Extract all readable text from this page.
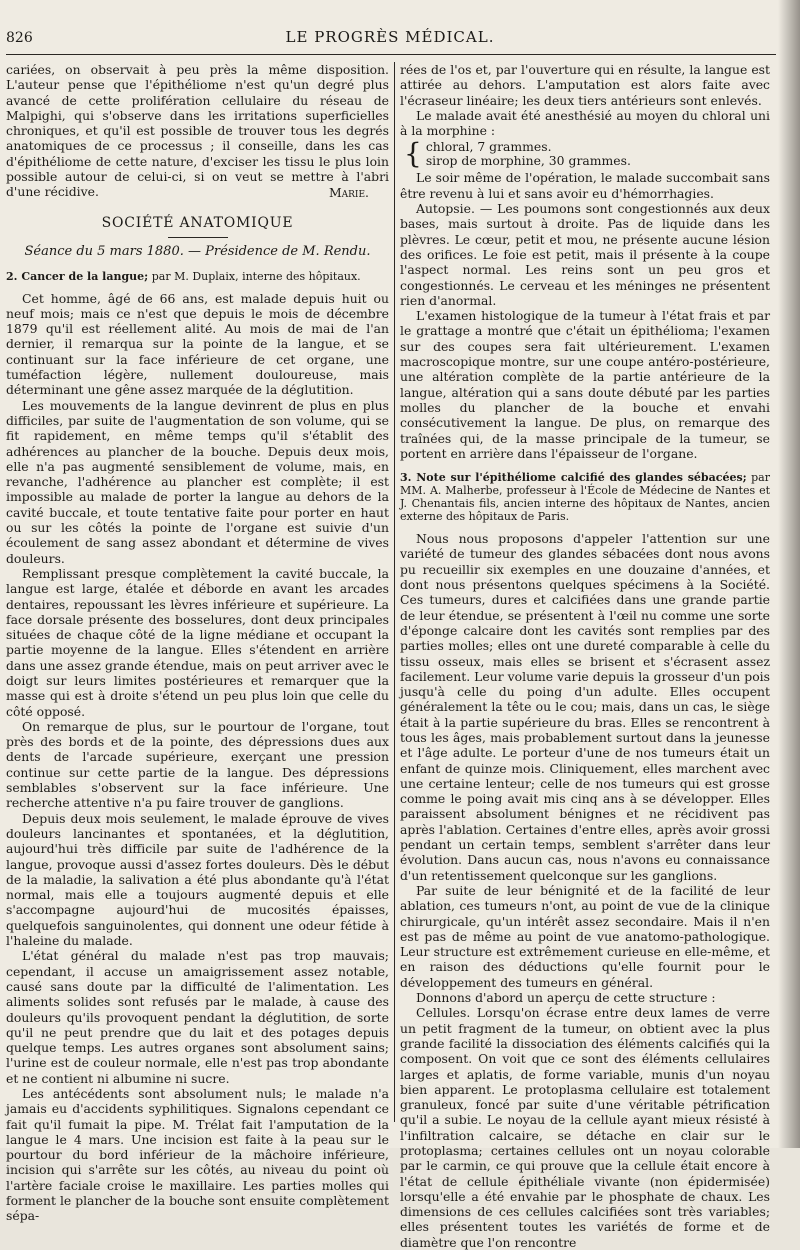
826	LE PROGRÈS MÉDICAL.

cariées, on observait à peu près la même disposition. L'auteur pense que l'épithéliome n'est qu'un degré plus avancé de cette prolifération cellulaire du réseau de Malpighi, qui s'observe dans les irritations superficielles chroniques, et qu'il est possible de trouver tous les degrés anatomiques de ce processus ; il conseille, dans les cas d'épithéliome de cette nature, d'exciser les tissu le plus loin possible autour de celui-ci, si on veut se mettre à l'abri d'une récidive.	Marie.
SOCIÉTÉ ANATOMIQUE
Séance du 5 mars 1880. — Présidence de M. Rendu.

2. Cancer de la langue; par M. Duplaix, interne des hôpitaux.

Cet homme, âgé de 66 ans, est malade depuis huit ou neuf mois; mais ce n'est que depuis le mois de décembre 1879 qu'il est réellement alité. Au mois de mai de l'an dernier, il remarqua sur la pointe de la langue, et se continuant sur la face inférieure de cet organe, une tuméfaction légère, nullement douloureuse, mais déterminant une gêne assez marquée de la déglutition.

Les mouvements de la langue devinrent de plus en plus difficiles, par suite de l'augmentation de son volume, qui se fit rapidement, en même temps qu'il s'établit des adhérences au plancher de la bouche. Depuis deux mois, elle n'a pas augmenté sensiblement de volume, mais, en revanche, l'adhérence au plancher est complète; il est impossible au malade de porter la langue au dehors de la cavité buccale, et toute tentative faite pour porter en haut ou sur les côtés la pointe de l'organe est suivie d'un écoulement de sang assez abondant et détermine de vives douleurs.

Remplissant presque complètement la cavité buccale, la langue est large, étalée et déborde en avant les arcades dentaires, repoussant les lèvres inférieure et supérieure. La face dorsale présente des bosselures, dont deux principales situées de chaque côté de la ligne médiane et occupant la partie moyenne de la langue. Elles s'étendent en arrière dans une assez grande étendue, mais on peut arriver avec le doigt sur leurs limites postérieures et remarquer que la masse qui est à droite s'étend un peu plus loin que celle du côté opposé.

On remarque de plus, sur le pourtour de l'organe, tout près des bords et de la pointe, des dépressions dues aux dents de l'arcade supérieure, exerçant une pression continue sur cette partie de la langue. Des dépressions semblables s'observent sur la face inférieure. Une recherche attentive n'a pu faire trouver de ganglions.

Depuis deux mois seulement, le malade éprouve de vives douleurs lancinantes et spontanées, et la déglutition, aujourd'hui très difficile par suite de l'adhérence de la langue, provoque aussi d'assez fortes douleurs. Dès le début de la maladie, la salivation a été plus abondante qu'à l'état normal, mais elle a toujours augmenté depuis et elle s'accompagne aujourd'hui de mucosités épaisses, quelquefois sanguinolentes, qui donnent une odeur fétide à l'haleine du malade.

L'état général du malade n'est pas trop mauvais; cependant, il accuse un amaigrissement assez notable, causé sans doute par la difficulté de l'alimentation. Les aliments solides sont refusés par le malade, à cause des douleurs qu'ils provoquent pendant la déglutition, de sorte qu'il ne peut prendre que du lait et des potages depuis quelque temps. Les autres organes sont absolument sains; l'urine est de couleur normale, elle n'est pas trop abondante et ne contient ni albumine ni sucre.

Les antécédents sont absolument nuls; le malade n'a jamais eu d'accidents syphilitiques. Signalons cependant ce fait qu'il fumait la pipe. M. Trélat fait l'amputation de la langue le 4 mars. Une incision est faite à la peau sur le pourtour du bord inférieur de la mâchoire inférieure, incision qui s'arrête sur les côtés, au niveau du point où l'artère faciale croise le maxillaire. Les parties molles qui forment le plancher de la bouche sont ensuite complètement sépa-

rées de l'os et, par l'ouverture qui en résulte, la langue est attirée au dehors. L'amputation est alors faite avec l'écraseur linéaire; les deux tiers antérieurs sont enlevés.

Le malade avait été anesthésié au moyen du chloral uni à la morphine :

{ chloral, 7 grammes.
sirop de morphine, 30 grammes.

Le soir même de l'opération, le malade succombait sans être revenu à lui et sans avoir eu d'hémorrhagies.

Autopsie. — Les poumons sont congestionnés aux deux bases, mais surtout à droite. Pas de liquide dans les plèvres. Le cœur, petit et mou, ne présente aucune lésion des orifices. Le foie est petit, mais il présente à la coupe l'aspect normal. Les reins sont un peu gros et congestionnés. Le cerveau et les méninges ne présentent rien d'anormal.

L'examen histologique de la tumeur à l'état frais et par le grattage a montré que c'était un épithélioma; l'examen sur des coupes sera fait ultérieurement. L'examen macroscopique montre, sur une coupe antéro-postérieure, une altération complète de la partie antérieure de la langue, altération qui a sans doute débuté par les parties molles du plancher de la bouche et envahi consécutivement la langue. De plus, on remarque des traînées qui, de la masse principale de la tumeur, se portent en arrière dans l'épaisseur de l'organe.

3. Note sur l'épithéliome calcifié des glandes sébacées; par MM. A. Malherbe, professeur à l'École de Médecine de Nantes et J. Chenantais fils, ancien interne des hôpitaux de Nantes, ancien externe des hôpitaux de Paris.

Nous nous proposons d'appeler l'attention sur une variété de tumeur des glandes sébacées dont nous avons pu recueillir six exemples en une douzaine d'années, et dont nous présentons quelques spécimens à la Société. Ces tumeurs, dures et calcifiées dans une grande partie de leur étendue, se présentent à l'œil nu comme une sorte d'éponge calcaire dont les cavités sont remplies par des parties molles; elles ont une dureté comparable à celle du tissu osseux, mais elles se brisent et s'écrasent assez facilement. Leur volume varie depuis la grosseur d'un pois jusqu'à celle du poing d'un adulte. Elles occupent généralement la tête ou le cou; mais, dans un cas, le siège était à la partie supérieure du bras. Elles se rencontrent à tous les âges, mais probablement surtout dans la jeunesse et l'âge adulte. Le porteur d'une de nos tumeurs était un enfant de quinze mois. Cliniquement, elles marchent avec une certaine lenteur; celle de nos tumeurs qui est grosse comme le poing avait mis cinq ans à se développer. Elles paraissent absolument bénignes et ne récidivent pas après l'ablation. Certaines d'entre elles, après avoir grossi pendant un certain temps, semblent s'arrêter dans leur évolution. Dans aucun cas, nous n'avons eu connaissance d'un retentissement quelconque sur les ganglions.

Par suite de leur bénignité et de la facilité de leur ablation, ces tumeurs n'ont, au point de vue de la clinique chirurgicale, qu'un intérêt assez secondaire. Mais il n'en est pas de même au point de vue anatomo-pathologique. Leur structure est extrêmement curieuse en elle-même, et en raison des déductions qu'elle fournit pour le développement des tumeurs en général.

Donnons d'abord un aperçu de cette structure :

Cellules. Lorsqu'on écrase entre deux lames de verre un petit fragment de la tumeur, on obtient avec la plus grande facilité la dissociation des éléments calcifiés qui la composent. On voit que ce sont des éléments cellulaires larges et aplatis, de forme variable, munis d'un noyau bien apparent. Le protoplasma cellulaire est totalement granuleux, foncé par suite d'une véritable pétrification qu'il a subie. Le noyau de la cellule ayant mieux résisté à l'infiltration calcaire, se détache en clair sur le protoplasma; certaines cellules ont un noyau colorable par le carmin, ce qui prouve que la cellule était encore à l'état de cellule épithéliale vivante (non épidermisée) lorsqu'elle a été envahie par le phosphate de chaux. Les dimensions de ces cellules calcifiées sont très variables; elles présentent toutes les variétés de forme et de diamètre que l'on rencontre
